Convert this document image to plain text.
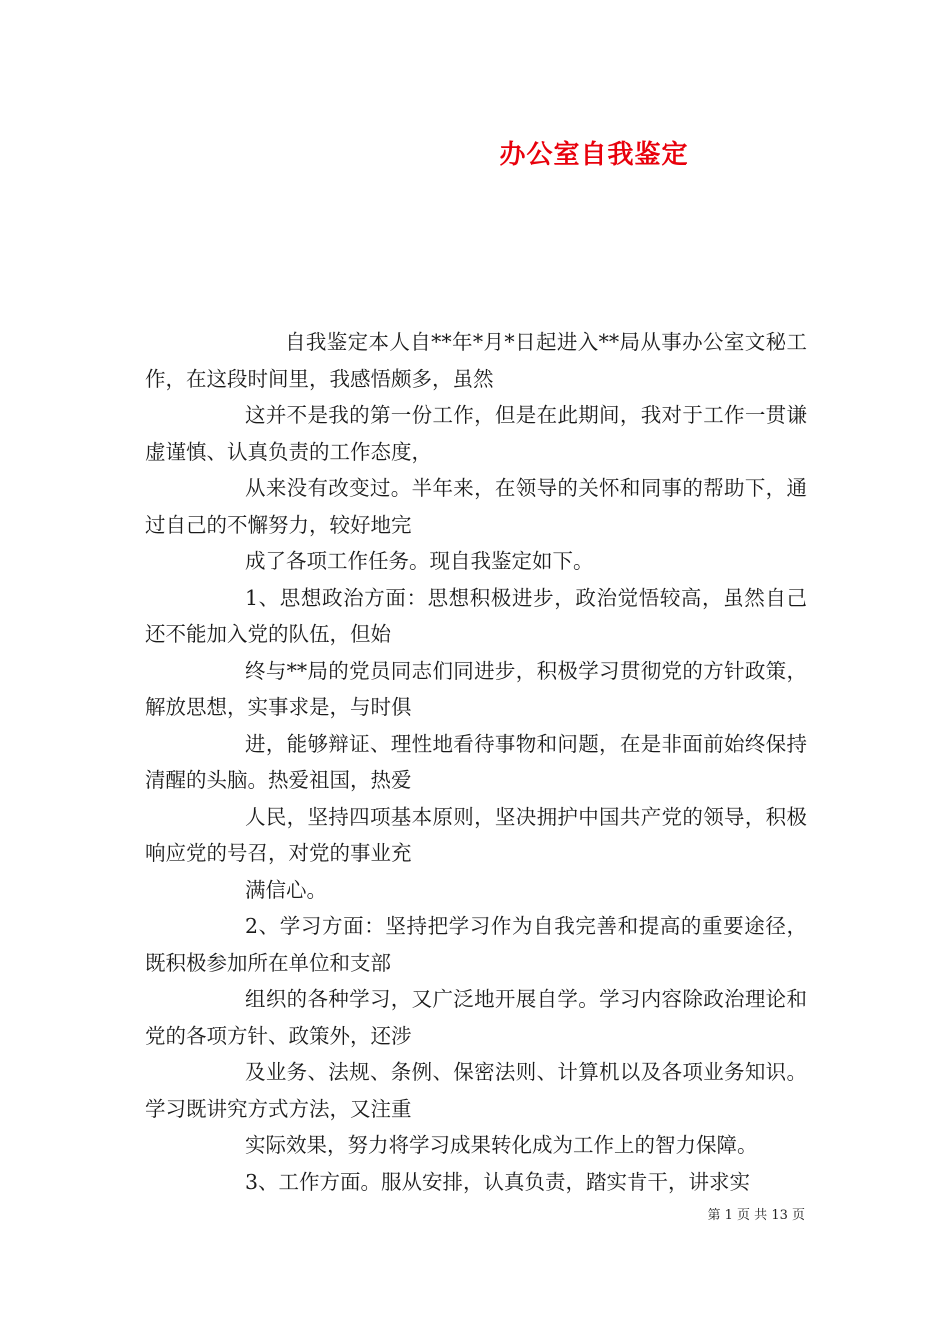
办公室自我鉴定

自我鉴定本人自**年*月*日起进入**局从事办公室文秘工作，在这段时间里，我感悟颇多，虽然

这并不是我的第一份工作，但是在此期间，我对于工作一贯谦虚谨慎、认真负责的工作态度，

从来没有改变过。半年来，在领导的关怀和同事的帮助下，通过自己的不懈努力，较好地完

成了各项工作任务。现自我鉴定如下。

1、思想政治方面：思想积极进步，政治觉悟较高，虽然自己还不能加入党的队伍，但始

终与**局的党员同志们同进步，积极学习贯彻党的方针政策，解放思想，实事求是，与时俱

进，能够辩证、理性地看待事物和问题，在是非面前始终保持清醒的头脑。热爱祖国，热爱

人民，坚持四项基本原则，坚决拥护中国共产党的领导，积极响应党的号召，对党的事业充

满信心。

2、学习方面：坚持把学习作为自我完善和提高的重要途径，既积极参加所在单位和支部

组织的各种学习，又广泛地开展自学。学习内容除政治理论和党的各项方针、政策外，还涉

及业务、法规、条例、保密法则、计算机以及各项业务知识。学习既讲究方式方法，又注重

实际效果，努力将学习成果转化成为工作上的智力保障。

3、工作方面。服从安排，认真负责，踏实肯干，讲求实

第 1 页 共 13 页
